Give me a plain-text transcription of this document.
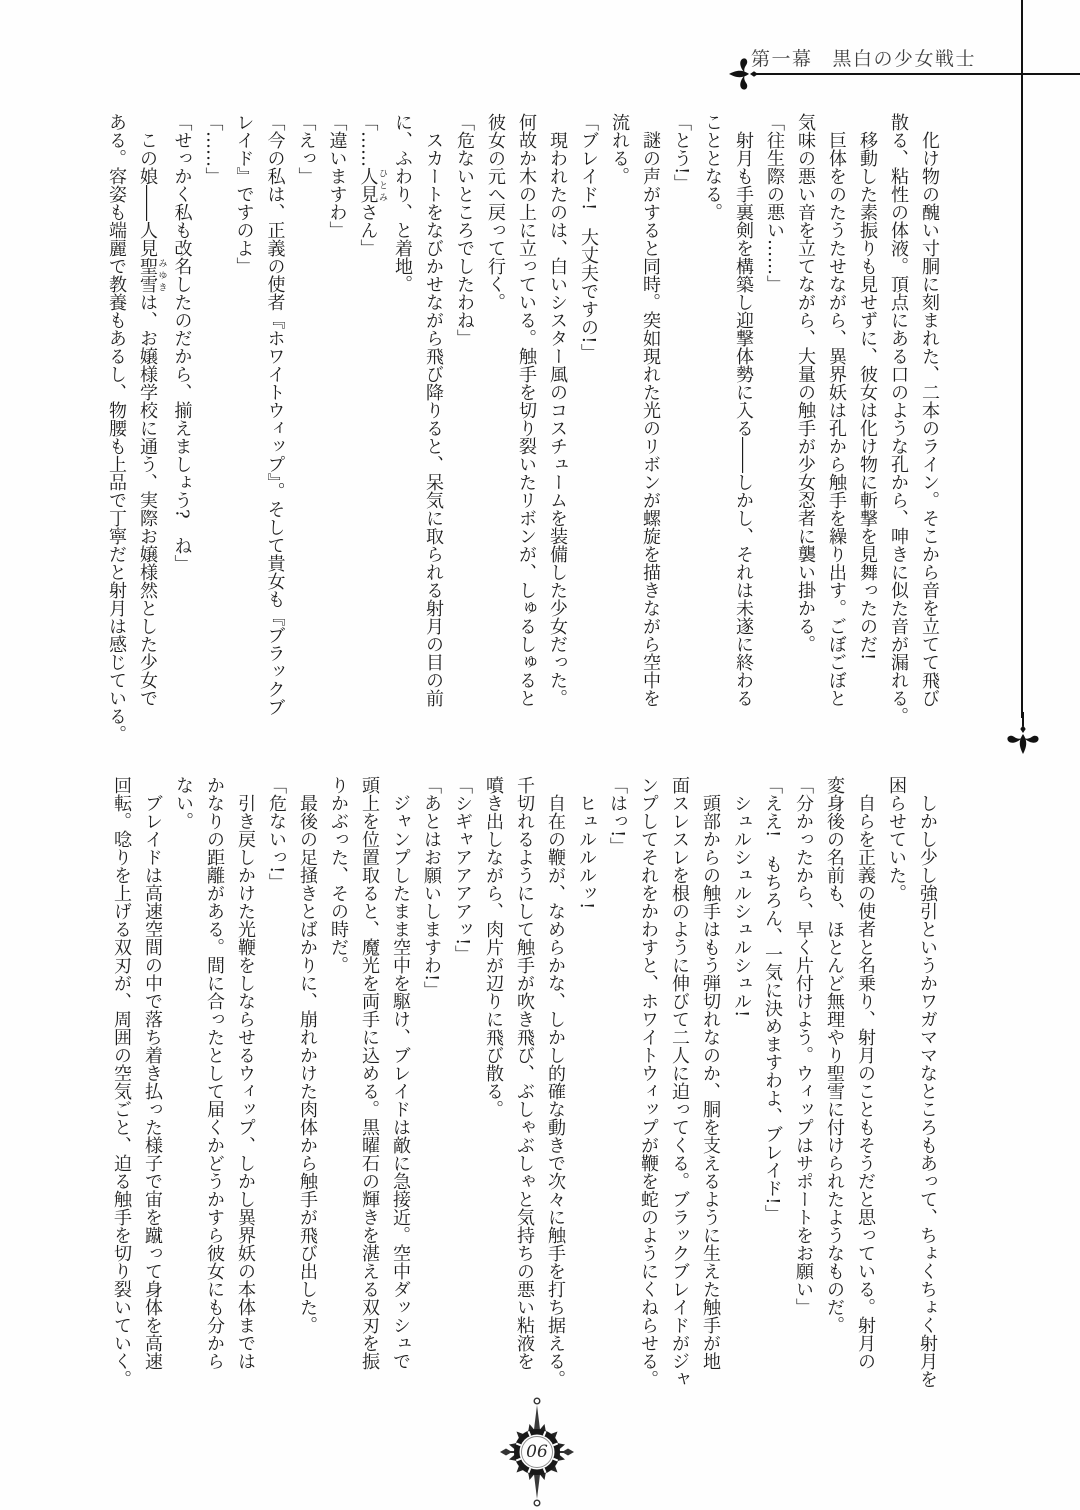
第一幕 黒白の少女戦士

　化け物の醜い寸胴に刻まれた、二本のライン。そこから音を立てて飛び

散る、粘性の体液。頂点にある口のような孔から、呻きに似た音が漏れる。

　移動した素振りも見せずに、彼女は化け物に斬撃を見舞ったのだ!

　巨体をのたうたせながら、異界妖は孔から触手を繰り出す。ごぼごぼと

気味の悪い音を立てながら、大量の触手が少女忍者に襲い掛かる。

「往生際の悪い……」

　射月も手裏剣を構築し迎撃体勢に入る――しかし、それは未遂に終わる

こととなる。

「とう!」

　謎の声がすると同時。突如現れた光のリボンが螺旋を描きながら空中を

流れる。

「ブレイド!　大丈夫ですの!」

　現われたのは、白いシスター風のコスチュームを装備した少女だった。

何故か木の上に立っている。触手を切り裂いたリボンが、しゅるしゅると

彼女の元へ戻って行く。

「危ないところでしたわね」

　スカートをなびかせながら飛び降りると、呆気に取られる射月の目の前

に、ふわり、と着地。

「……人見ひとみさん」

「違いますわ」

「えっ」

「今の私は、正義の使者『ホワイトウィップ』。そして貴女も『ブラックブ

レイド』ですのよ」

「……」

「せっかく私も改名したのだから、揃えましょう?　ね」

　この娘――人見聖雪みゆきは、お嬢様学校に通う、実際お嬢様然とした少女で

ある。容姿も端麗で教養もあるし、物腰も上品で丁寧だと射月は感じている。

　しかし少し強引というかワガママなところもあって、ちょくちょく射月を

困らせていた。

　自らを正義の使者と名乗り、射月のこともそうだと思っている。射月の

変身後の名前も、ほとんど無理やり聖雪に付けられたようなものだ。

「分かったから、早く片付けよう。ウィップはサポートをお願い」

「ええ!　もちろん、一気に決めますわよ、ブレイド!」

　シュルシュルシュルシュル!

　頭部からの触手はもう弾切れなのか、胴を支えるように生えた触手が地

面スレスレを根のように伸びて二人に迫ってくる。ブラックブレイドがジャ

ンプしてそれをかわすと、ホワイトウィップが鞭を蛇のようにくねらせる。

「はっ!」

　ヒュルルルッ!

　自在の鞭が、なめらかな、しかし的確な動きで次々に触手を打ち据える。

千切れるようにして触手が吹き飛び、ぶしゃぶしゃと気持ちの悪い粘液を

噴き出しながら、肉片が辺りに飛び散る。

「シギャアアアアッ!」

「あとはお願いしますわ!」

　ジャンプしたまま空中を駆け、ブレイドは敵に急接近。空中ダッシュで

頭上を位置取ると、魔光を両手に込める。黒曜石の輝きを湛える双刃を振

りかぶった、その時だ。

　最後の足掻きとばかりに、崩れかけた肉体から触手が飛び出した。

「危ないっ!」

　引き戻しかけた光鞭をしならせるウィップ、しかし異界妖の本体までは

かなりの距離がある。間に合ったとして届くかどうかすら彼女にも分から

ない。

　ブレイドは高速空間の中で落ち着き払った様子で宙を蹴って身体を高速

回転。唸りを上げる双刃が、周囲の空気ごと、迫る触手を切り裂いていく。

06
